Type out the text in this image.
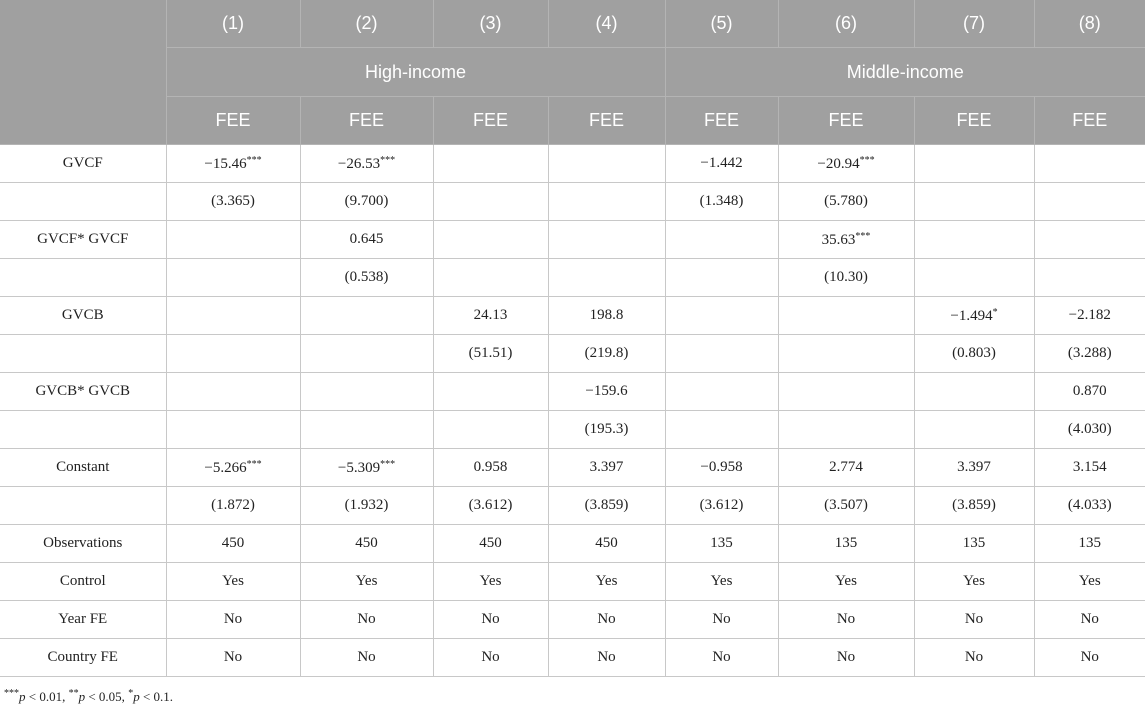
	(1)	(2)	(3)	(4)	(5)	(6)	(7)	(8)
	High-income				Middle-income			
	FEE	FEE	FEE	FEE	FEE	FEE	FEE	FEE
GVCF	−15.46***	−26.53***			−1.442	−20.94***		
	(3.365)	(9.700)			(1.348)	(5.780)		
GVCF* GVCF		0.645				35.63***		
		(0.538)				(10.30)		
GVCB			24.13	198.8			−1.494*	−2.182
			(51.51)	(219.8)			(0.803)	(3.288)
GVCB* GVCB				−159.6				0.870
				(195.3)				(4.030)
Constant	−5.266***	−5.309***	0.958	3.397	−0.958	2.774	3.397	3.154
	(1.872)	(1.932)	(3.612)	(3.859)	(3.612)	(3.507)	(3.859)	(4.033)
Observations	450	450	450	450	135	135	135	135
Control	Yes	Yes	Yes	Yes	Yes	Yes	Yes	Yes
Year FE	No	No	No	No	No	No	No	No
Country FE	No	No	No	No	No	No	No	No
***p < 0.01, **p < 0.05, *p < 0.1.
